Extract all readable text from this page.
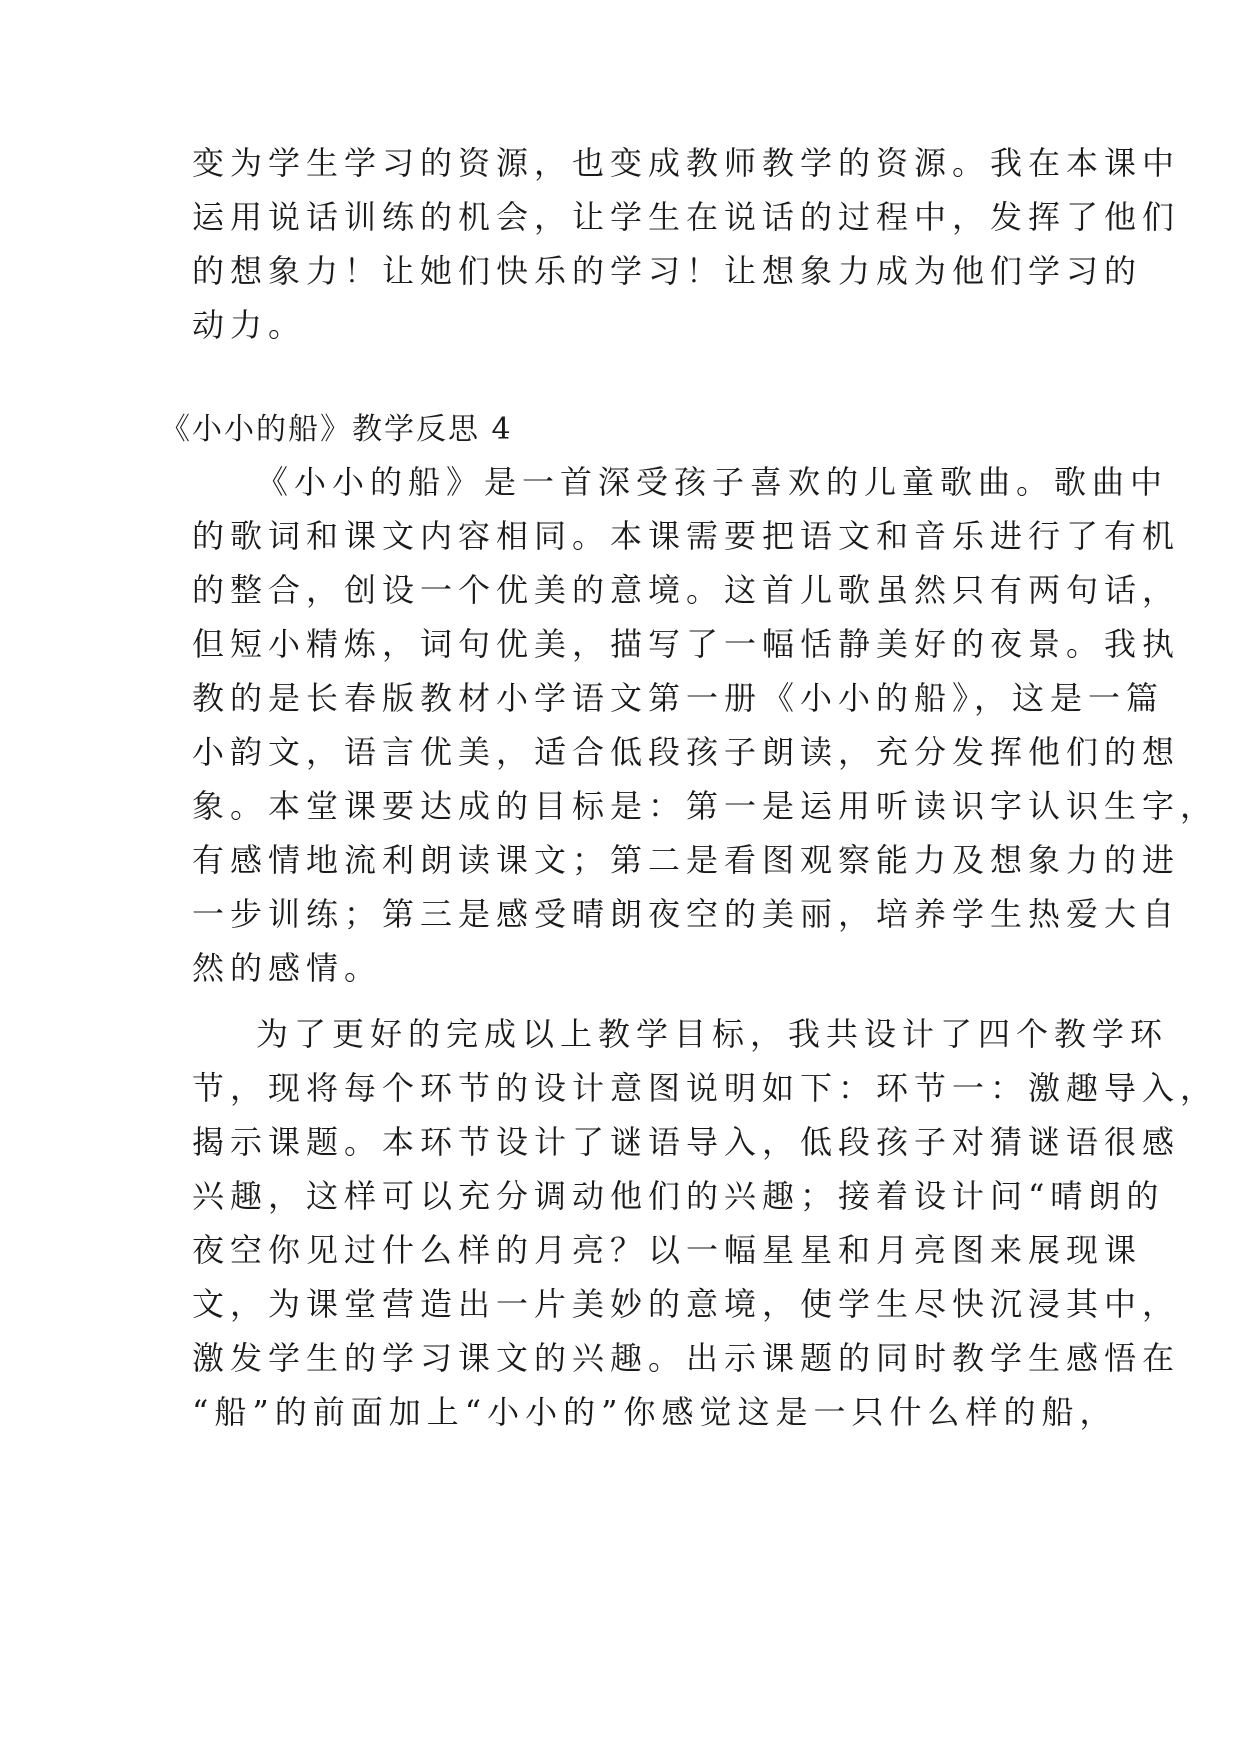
变为学生学习的资源，也变成教师教学的资源。我在本课中
运用说话训练的机会，让学生在说话的过程中，发挥了他们
的想象力！让她们快乐的学习！让想象力成为他们学习的
动力。
《小小的船》教学反思 4
《小小的船》是一首深受孩子喜欢的儿童歌曲。歌曲中
的歌词和课文内容相同。本课需要把语文和音乐进行了有机
的整合，创设一个优美的意境。这首儿歌虽然只有两句话，
但短小精炼，词句优美，描写了一幅恬静美好的夜景。我执
教的是长春版教材小学语文第一册《小小的船》，这是一篇
小韵文，语言优美，适合低段孩子朗读，充分发挥他们的想
象。本堂课要达成的目标是：第一是运用听读识字认识生字，
有感情地流利朗读课文；第二是看图观察能力及想象力的进
一步训练；第三是感受晴朗夜空的美丽，培养学生热爱大自
然的感情。
为了更好的完成以上教学目标，我共设计了四个教学环
节，现将每个环节的设计意图说明如下：环节一：激趣导入，
揭示课题。本环节设计了谜语导入，低段孩子对猜谜语很感
兴趣，这样可以充分调动他们的兴趣；接着设计问“晴朗的
夜空你见过什么样的月亮？以一幅星星和月亮图来展现课
文，为课堂营造出一片美妙的意境，使学生尽快沉浸其中，
激发学生的学习课文的兴趣。出示课题的同时教学生感悟在
“船”的前面加上“小小的”你感觉这是一只什么样的船，
